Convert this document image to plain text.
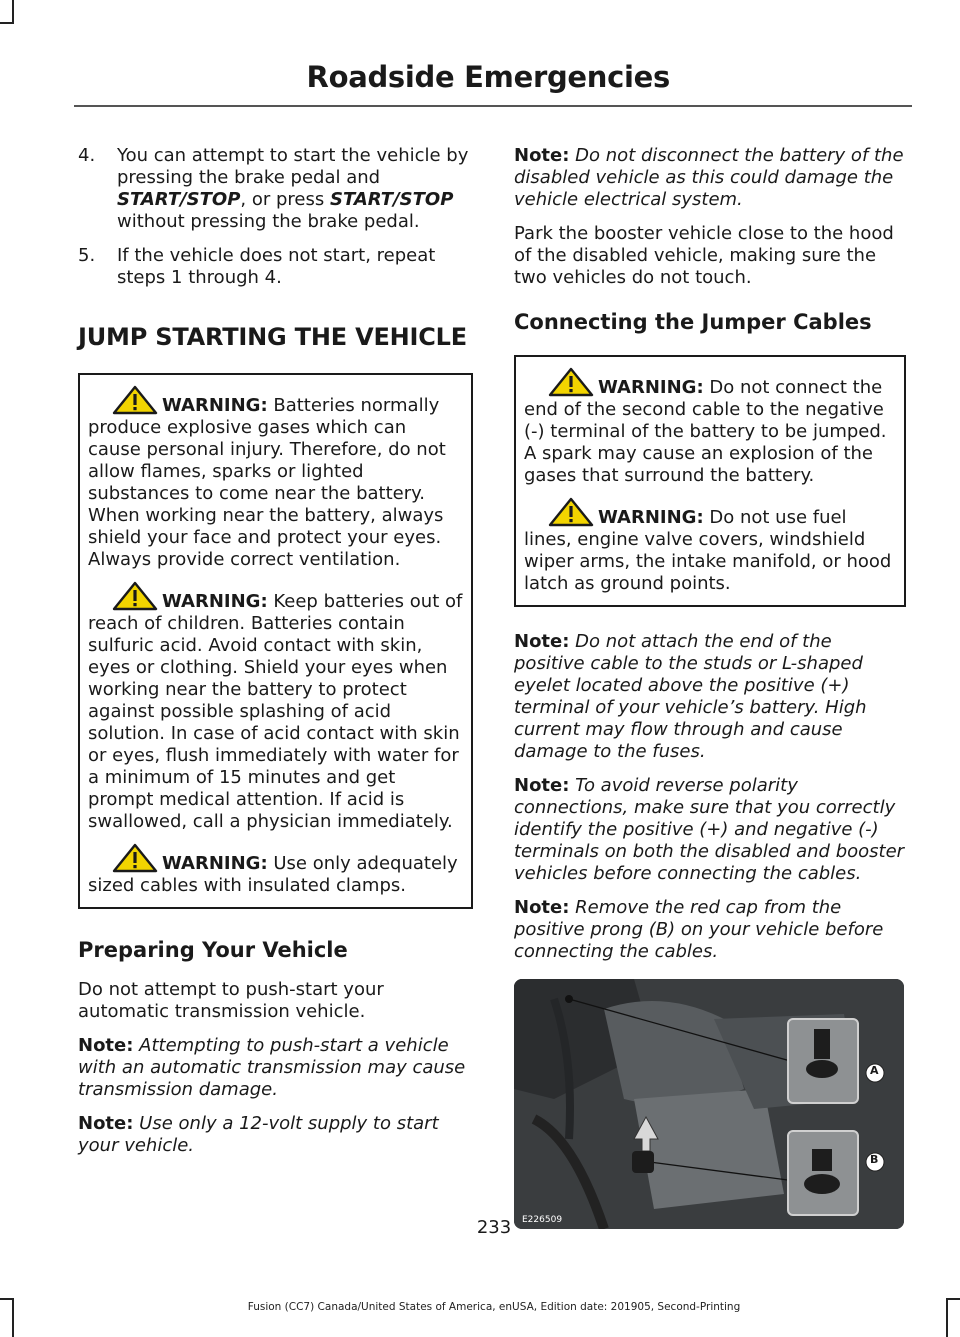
Roadside Emergencies
4. You can attempt to start the vehicle by pressing the brake pedal and START/STOP, or press START/STOP without pressing the brake pedal.
5. If the vehicle does not start, repeat steps 1 through 4.
JUMP STARTING THE VEHICLE

WARNING: Batteries normally produce explosive gases which can cause personal injury. Therefore, do not allow flames, sparks or lighted substances to come near the battery. When working near the battery, always shield your face and protect your eyes. Always provide correct ventilation.

WARNING: Keep batteries out of reach of children. Batteries contain sulfuric acid. Avoid contact with skin, eyes or clothing. Shield your eyes when working near the battery to protect against possible splashing of acid solution. In case of acid contact with skin or eyes, flush immediately with water for a minimum of 15 minutes and get prompt medical attention. If acid is swallowed, call a physician immediately.

WARNING: Use only adequately sized cables with insulated clamps.

Preparing Your Vehicle

Do not attempt to push-start your automatic transmission vehicle.

Note: Attempting to push-start a vehicle with an automatic transmission may cause transmission damage.

Note: Use only a 12-volt supply to start your vehicle.

Note: Do not disconnect the battery of the disabled vehicle as this could damage the vehicle electrical system.

Park the booster vehicle close to the hood of the disabled vehicle, making sure the two vehicles do not touch.

Connecting the Jumper Cables

WARNING: Do not connect the end of the second cable to the negative (-) terminal of the battery to be jumped. A spark may cause an explosion of the gases that surround the battery.

WARNING: Do not use fuel lines, engine valve covers, windshield wiper arms, the intake manifold, or hood latch as ground points.

Note: Do not attach the end of the positive cable to the studs or L-shaped eyelet located above the positive (+) terminal of your vehicle’s battery. High current may flow through and cause damage to the fuses.

Note: To avoid reverse polarity connections, make sure that you correctly identify the positive (+) and negative (-) terminals on both the disabled and booster vehicles before connecting the cables.

Note: Remove the red cap from the positive prong (B) on your vehicle before connecting the cables.

A
B
E226509
233
Fusion (CC7) Canada/United States of America, enUSA, Edition date: 201905, Second-Printing
